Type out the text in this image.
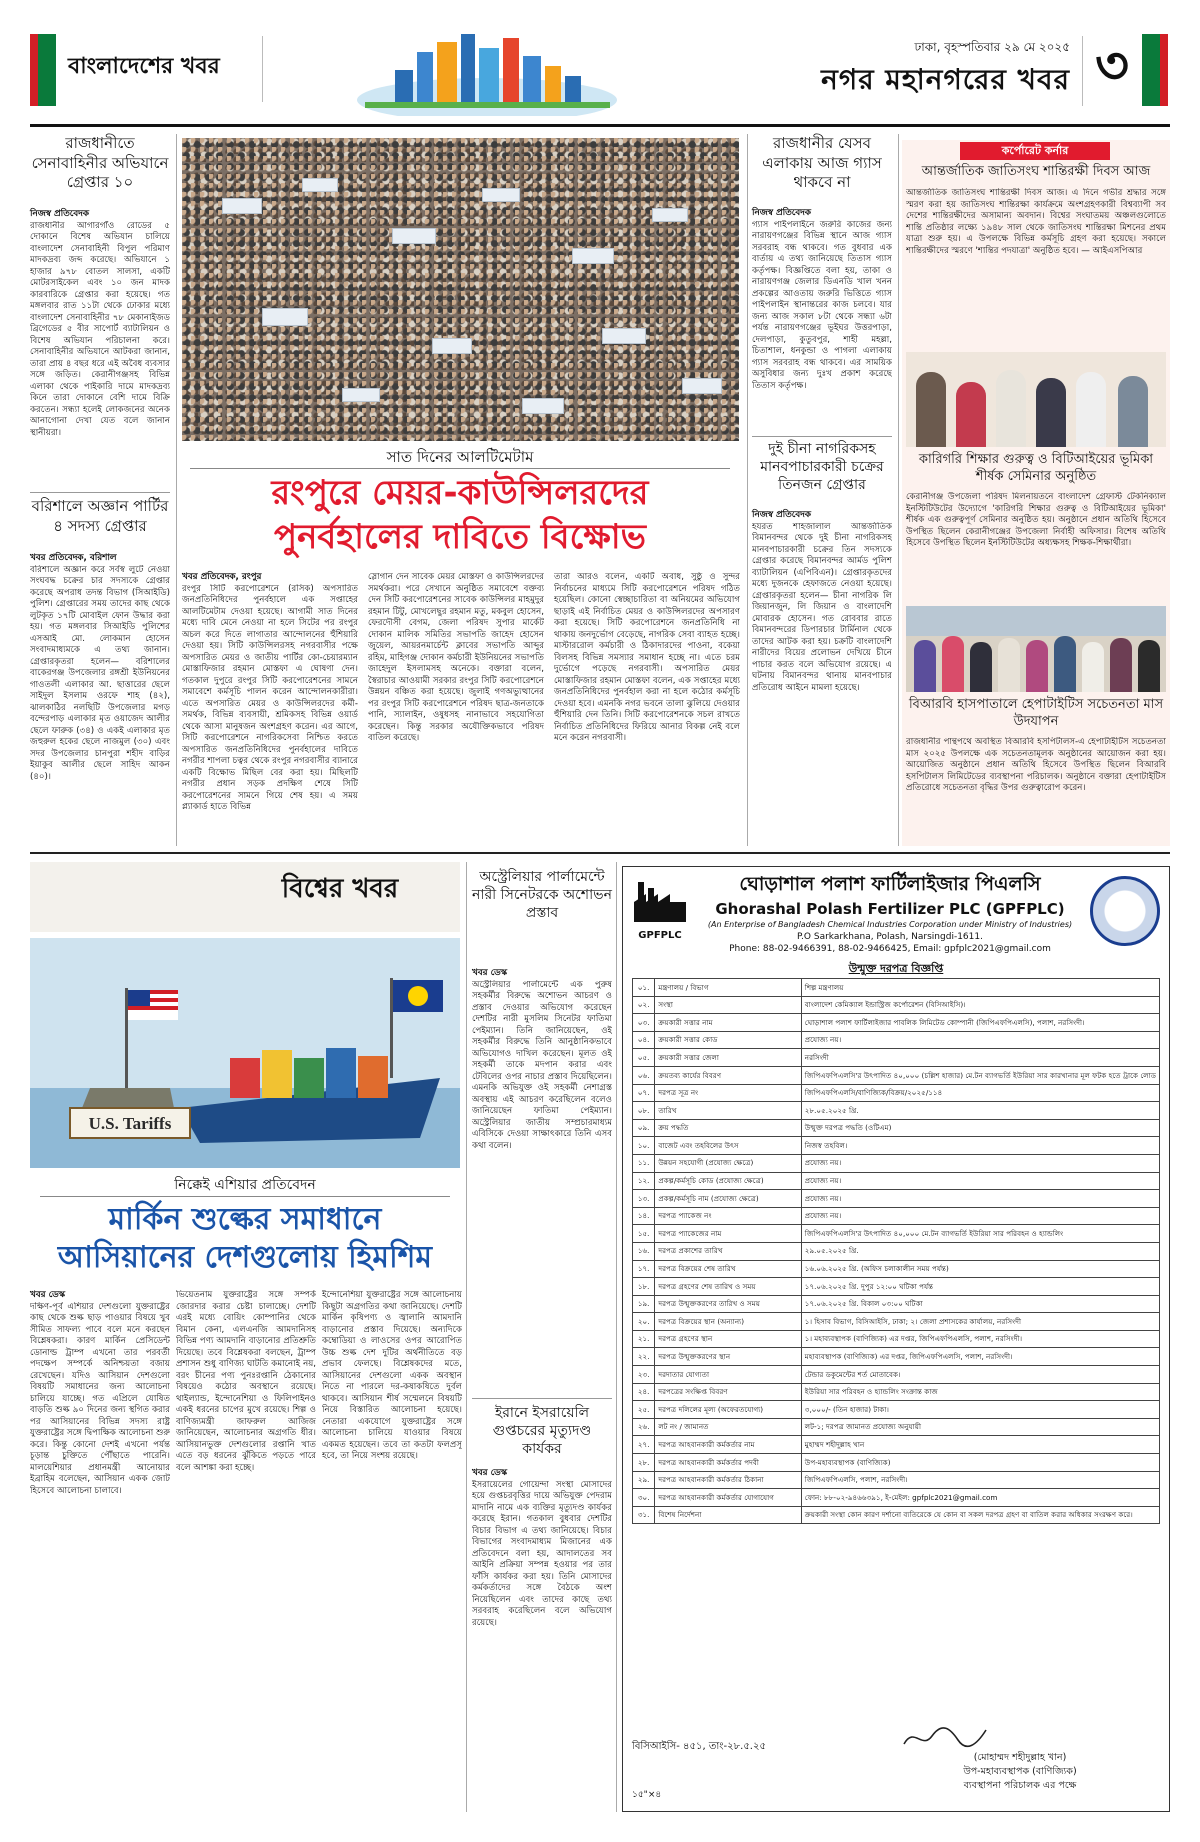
বাংলাদেশের খবর
ঢাকা, বৃহস্পতিবার ২৯ মে ২০২৫
নগর মহানগরের খবর ৩
রাজধানীতে সেনাবাহিনীর অভিযানে গ্রেপ্তার ১০
নিজস্ব প্রতিবেদক
রাজধানীর আগারগাঁও রোডের ৫ দোকানে বিশেষ অভিযান চালিয়ে বাংলাদেশ সেনাবাহিনী বিপুল পরিমাণ মাদকদ্রব্য জব্দ করেছে। অভিযানে ১ হাজার ৯৭৮ বোতল সালসা, একটি মোটরসাইকেল এবং ১০ জন মাদক কারবারিকে গ্রেপ্তার করা হয়েছে। গত মঙ্গলবার রাত ১১টা থেকে ঢোকার মধ্যে বাংলাদেশ সেনাবাহিনীর ৭৮ মেকানাইজড ব্রিগেডের ৫ বীর সাপোর্ট ব্যাটালিয়ন ও বিশেষ অভিযান পরিচালনা করে। সেনাবাহিনীর অভিযানে আটকরা জানান, তারা প্রায় ৪ বছর ধরে এই অবৈধ ব্যবসার সঙ্গে জড়িত। কেরানীগঞ্জসহ বিভিন্ন এলাকা থেকে পাইকারি দামে মাদকদ্রব্য কিনে তারা দোকানে বেশি দামে বিক্রি করতেন। সন্ধ্যা হলেই লোকজনের অনেক আনাগোনা দেখা যেত বলে জানান স্থানীয়রা।
বরিশালে অজ্ঞান পার্টির ৪ সদস্য গ্রেপ্তার
খবর প্রতিবেদক, বরিশাল
বরিশালে অজ্ঞান করে সর্বস্ব লুটে নেওয়া সংঘবদ্ধ চক্রের চার সদস্যকে গ্রেপ্তার করেছে অপরাধ তদন্ত বিভাগ (সিআইডি) পুলিশ। গ্রেপ্তারের সময় তাদের কাছ থেকে লুটকৃত ১৭টি মোবাইল ফোন উদ্ধার করা হয়। গত মঙ্গলবার সিআইডি পুলিশের এসআই মো. লোকমান হোসেন সংবাদমাধ্যমকে এ তথ্য জানান। গ্রেপ্তারকৃতরা হলেন— বরিশালের বাকেরগঞ্জ উপজেলার রঙ্গশ্রী ইউনিয়নের গাওতলী এলাকার আ. ছাত্তারের ছেলে সাইদুল ইসলাম ওরফে শাহ (৪২), ঝালকাঠির নলছিটি উপজেলার মগড় বন্দেরপাড় এলাকার মৃত ওয়াজেদ আলীর ছেলে ফারুক (৩৪) ও একই এলাকার মৃত জহুরুল হকের ছেলে নাজমুল (৩০) এবং সদর উপজেলার চানপুরা শহীদ বাড়ির ইয়াকুব আলীর ছেলে সাহিদ আকন (৪০)।
সাত দিনের আলটিমেটাম
রংপুরে মেয়র-কাউন্সিলরদের
পুনর্বহালের দাবিতে বিক্ষোভ
খবর প্রতিবেদক, রংপুর
রংপুর সিটি করপোরেশনে (রসিক) অপসারিত জনপ্রতিনিধিদের পুনর্বহালে এক সপ্তাহের আলটিমেটাম দেওয়া হয়েছে। আগামী সাত দিনের মধ্যে দাবি মেনে নেওয়া না হলে সিটের পর রংপুর অচল করে দিতে লাগাতার আন্দোলনের হুঁশিয়ারি দেওয়া হয়। সিটি কাউন্সিলরসহ নগরবাসীর পক্ষে অপসারিত মেয়র ও জাতীয় পার্টির কো-চেয়ারম্যান মোস্তাফিজার রহমান মোস্তফা এ ঘোষণা দেন। গতকাল দুপুরে রংপুর সিটি করপোরেশনের সামনে সমাবেশে কর্মসূচি পালন করেন আন্দোলনকারীরা। এতে অপসারিত মেয়র ও কাউন্সিলরদের কর্মী-সমর্থক, বিভিন্ন ব্যবসায়ী, শ্রমিকসহ বিভিন্ন ওয়ার্ড থেকে আসা মানুষজন অংশগ্রহণ করেন। এর আগে, সিটি করপোরেশনে নাগরিকসেবা নিশ্চিত করতে অপসারিত জনপ্রতিনিধিদের পুনর্বহালের দাবিতে নগরীর শাপলা চত্বর থেকে রংপুর নগরবাসীর ব্যানারে একটি বিক্ষোভ মিছিল বের করা হয়। মিছিলটি নগরীর প্রধান সড়ক প্রদক্ষিণ শেষে সিটি করপোরেশনের সামনে গিয়ে শেষ হয়। এ সময় প্ল্যাকার্ড হাতে বিভিন্ন
স্লোগান দেন সাবেক মেয়র মোস্তফা ও কাউন্সিলরদের সমর্থকরা। পরে সেখানে অনুষ্ঠিত সমাবেশে বক্তব্য দেন সিটি করপোরেশনের সাবেক কাউন্সিলর মাহমুদুর রহমান টিটু, মোখলেছুর রহমান মতু, মকবুল হোসেন, ফেরদৌসী বেগম, জেলা পরিষদ সুপার মার্কেট দোকান মালিক সমিতির সভাপতি জাহেদ হোসেন জুয়েল, আয়রনমার্চেন্ট ক্লাবের সভাপতি আব্দুর রহিম, মাহিগঞ্জ দোকান কর্মচারী ইউনিয়নের সভাপতি জাহেদুল ইসলামসহ অনেকে। বক্তারা বলেন, স্বৈরাচার আওয়ামী সরকার রংপুর সিটি করপোরেশনে উন্নয়ন বঞ্চিত করা হয়েছে। জুলাই গণঅভ্যুত্থানের পর রংপুর সিটি করপোরেশনে পরিষদ ছাত্র-জনতাকে পানি, স্যালাইন, ওষুধসহ নানাভাবে সহযোগিতা করেছেন। কিন্তু সরকার অযৌক্তিকভাবে পরিষদ বাতিল করেছে।
তারা আরও বলেন, একটি অবাধ, সুষ্ঠু ও সুন্দর নির্বাচনের মাধ্যমে সিটি করপোরেশনে পরিষদ গঠিত হয়েছিল। কোনো স্বেচ্ছাচারিতা বা অনিয়মের অভিযোগ ছাড়াই এই নির্বাচিত মেয়র ও কাউন্সিলরদের অপসারণ করা হয়েছে। সিটি করপোরেশনে জনপ্রতিনিধি না থাকায় জনদুর্ভোগ বেড়েছে, নাগরিক সেবা ব্যাহত হচ্ছে। মাস্টাররোল কর্মচারী ও ঠিকাদারদের পাওনা, বকেয়া বিলসহ বিভিন্ন সমস্যার সমাধান হচ্ছে না। এতে চরম দুর্ভোগে পড়েছে নগরবাসী। অপসারিত মেয়র মোস্তাফিজার রহমান মোস্তফা বলেন, এক সপ্তাহের মধ্যে জনপ্রতিনিধিদের পুনর্বহাল করা না হলে কঠোর কর্মসূচি দেওয়া হবে। এমনকি নগর ভবনে তালা ঝুলিয়ে দেওয়ার হুঁশিয়ারি দেন তিনি। সিটি করপোরেশনকে সচল রাখতে নির্বাচিত প্রতিনিধিদের ফিরিয়ে আনার বিকল্প নেই বলে মনে করেন নগরবাসী।
রাজধানীর যেসব এলাকায় আজ গ্যাস থাকবে না
নিজস্ব প্রতিবেদক
গ্যাস পাইপলাইনে জরুরি কাজের জন্য নারায়ণগঞ্জের বিভিন্ন স্থানে আজ গ্যাস সরবরাহ বন্ধ থাকবে। গত বুধবার এক বার্তায় এ তথ্য জানিয়েছে তিতাস গ্যাস কর্তৃপক্ষ। বিজ্ঞপ্তিতে বলা হয়, তাকা ও নারায়ণগঞ্জ জেলার ডিএনডি খাল খনন প্রকল্পের আওতায় জরুরি ভিত্তিতে গ্যাস পাইপলাইন স্থানান্তরের কাজ চলবে। যার জন্য আজ সকাল ৮টা থেকে সন্ধ্যা ৬টা পর্যন্ত নারায়ণগঞ্জের ভূইঘর উত্তরপাড়া, দেলপাড়া, কুতুবপুর, শাহী মহল্লা, চিতাশাল, ধনকুন্ডা ও পাগলা এলাকায় গ্যাস সরবরাহ বন্ধ থাকবে। এর সাময়িক অসুবিধার জন্য দুঃখ প্রকাশ করেছে তিতাস কর্তৃপক্ষ।
দুই চীনা নাগরিকসহ মানবপাচারকারী চক্রের তিনজন গ্রেপ্তার
নিজস্ব প্রতিবেদক
হযরত শাহজালাল আন্তর্জাতিক বিমানবন্দর থেকে দুই চীনা নাগরিকসহ মানবপাচারকারী চক্রের তিন সদস্যকে গ্রেপ্তার করেছে বিমানবন্দর আর্মড পুলিশ ব্যাটালিয়ন (এপিবিএন)। গ্রেপ্তারকৃতদের মধ্যে দুজনকে হেফাজতে নেওয়া হয়েছে। গ্রেপ্তারকৃতরা হলেন— চীনা নাগরিক লি জিয়ানজুন, লি জিয়ান ও বাংলাদেশি মোবারক হোসেন। গত রোববার রাতে বিমানবন্দরের ডিপারচার টার্মিনাল থেকে তাদের আটক করা হয়। চক্রটি বাংলাদেশি নারীদের বিয়ের প্রলোভন দেখিয়ে চীনে পাচার করত বলে অভিযোগ রয়েছে। এ ঘটনায় বিমানবন্দর থানায় মানবপাচার প্রতিরোধ আইনে মামলা হয়েছে।
কর্পোরেট কর্নার
আন্তর্জাতিক জাতিসংঘ শান্তিরক্ষী দিবস আজ
আন্তর্জাতিক জাতিসংঘ শান্তিরক্ষী দিবস আজ। এ দিনে গভীর শ্রদ্ধার সঙ্গে স্মরণ করা হয় জাতিসংঘ শান্তিরক্ষা কার্যক্রমে অংশগ্রহণকারী বিশ্বব্যাপী সব দেশের শান্তিরক্ষীদের অসামান্য অবদান। বিশ্বের সংঘাতময় অঞ্চলগুলোতে শান্তি প্রতিষ্ঠার লক্ষ্যে ১৯৪৮ সাল থেকে জাতিসংঘ শান্তিরক্ষা মিশনের প্রথম যাত্রা শুরু হয়। এ উপলক্ষে বিভিন্ন কর্মসূচি গ্রহণ করা হয়েছে। সকালে শান্তিরক্ষীদের স্মরণে 'শান্তির পদযাত্রা' অনুষ্ঠিত হবে। — আইএসপিআর
কারিগরি শিক্ষার গুরুত্ব ও বিটিআইয়ের ভূমিকা শীর্ষক সেমিনার অনুষ্ঠিত
কেরানীগঞ্জ উপজেলা পরিষদ মিলনায়তনে বাংলাদেশ গ্রেফাস্ট টেকনিক্যাল ইনস্টিটিউটের উদ্যোগে 'কারিগরি শিক্ষার গুরুত্ব ও বিটিআইয়ের ভূমিকা' শীর্ষক এক গুরুত্বপূর্ণ সেমিনার অনুষ্ঠিত হয়। অনুষ্ঠানে প্রধান অতিথি হিসেবে উপস্থিত ছিলেন কেরানীগঞ্জের উপজেলা নির্বাহী অফিসার। বিশেষ অতিথি হিসেবে উপস্থিত ছিলেন ইনস্টিটিউটের অধ্যক্ষসহ শিক্ষক-শিক্ষার্থীরা।
বিআরবি হাসপাতালে হেপাটাইটিস সচেতনতা মাস উদযাপন
রাজধানীর পান্থপথে অবস্থিত বিআরবি হসপিটালস-এ হেপাটাইটিস সচেতনতা মাস ২০২৫ উপলক্ষে এক সচেতনতামূলক অনুষ্ঠানের আয়োজন করা হয়। আয়োজিত অনুষ্ঠানে প্রধান অতিথি হিসেবে উপস্থিত ছিলেন বিআরবি হসপিটালস লিমিটেডের ব্যবস্থাপনা পরিচালক। অনুষ্ঠানে বক্তারা হেপাটাইটিস প্রতিরোধে সচেতনতা বৃদ্ধির উপর গুরুত্বারোপ করেন।
বিশ্বের খবর
U.S. Tariffs
নিক্কেই এশিয়ার প্রতিবেদন
মার্কিন শুল্কের সমাধানে
আসিয়ানের দেশগুলোয় হিমশিম
খবর ডেস্ক
দক্ষিণ-পূর্ব এশিয়ার দেশগুলো যুক্তরাষ্ট্রের কাছ থেকে শুল্ক ছাড় পাওয়ার বিষয়ে খুব সীমিত সাফল্য পাবে বলে মনে করছেন বিশ্লেষকরা। কারণ মার্কিন প্রেসিডেন্ট ডোনাল্ড ট্রাম্প এখনো তার পরবর্তী পদক্ষেপ সম্পর্কে অনিশ্চয়তা বজায় রেখেছেন। যদিও আসিয়ান দেশগুলো বিষয়টি সমাধানের জন্য আলোচনা চালিয়ে যাচ্ছে। গত এপ্রিলে যোষিত বাড়তি শুল্ক ৯০ দিনের জন্য স্থগিত করার পর আসিয়ানের বিভিন্ন সদস্য রাষ্ট্র যুক্তরাষ্ট্রের সঙ্গে দ্বিপাক্ষিক আলোচনা শুরু করে। কিন্তু কোনো দেশই এখনো পর্যন্ত চূড়ান্ত চুক্তিতে পৌঁছাতে পারেনি। মালয়েশিয়ার প্রধানমন্ত্রী আনোয়ার ইব্রাহিম বলেছেন, আসিয়ান একক জোট হিসেবে আলোচনা চালাবে।
ভিয়েতনাম যুক্তরাষ্ট্রের সঙ্গে সম্পর্ক জোরদার করার চেষ্টা চালাচ্ছে। দেশটি এরই মধ্যে বোয়িং কোম্পানির থেকে বিমান কেনা, এলএনজি আমদানিসহ বিভিন্ন পণ্য আমদানি বাড়ানোর প্রতিশ্রুতি দিয়েছে। তবে বিশ্লেষকরা বলছেন, ট্রাম্প প্রশাসন শুধু বাণিজ্য ঘাটতি কমানোই নয়, বরং চীনের পণ্য পুনঃরপ্তানি ঠেকানোর বিষয়েও কঠোর অবস্থানে রয়েছে। থাইল্যান্ড, ইন্দোনেশিয়া ও ফিলিপাইনও একই ধরনের চাপের মুখে রয়েছে। শিল্প ও বাণিজ্যমন্ত্রী জাফরুল আজিজ জানিয়েছেন, আলোচনার অগ্রগতি ধীর। আসিয়ানভুক্ত দেশগুলোর রপ্তানি খাত এতে বড় ধরনের ঝুঁকিতে পড়তে পারে বলে আশঙ্কা করা হচ্ছে।
ইন্দোনেশিয়া যুক্তরাষ্ট্রের সঙ্গে আলোচনায় কিছুটা অগ্রগতির কথা জানিয়েছে। দেশটি মার্কিন কৃষিপণ্য ও জ্বালানি আমদানি বাড়ানোর প্রস্তাব দিয়েছে। অন্যদিকে কম্বোডিয়া ও লাওসের ওপর আরোপিত উচ্চ শুল্ক দেশ দুটির অর্থনীতিতে বড় প্রভাব ফেলছে। বিশ্লেষকদের মতে, আসিয়ানের দেশগুলো একক অবস্থান নিতে না পারলে দর-কষাকষিতে দুর্বল থাকবে। আসিয়ান শীর্ষ সম্মেলনে বিষয়টি নিয়ে বিস্তারিত আলোচনা হয়েছে। নেতারা একযোগে যুক্তরাষ্ট্রের সঙ্গে আলোচনা চালিয়ে যাওয়ার বিষয়ে একমত হয়েছেন। তবে তা কতটা ফলপ্রসূ হবে, তা নিয়ে সংশয় রয়েছে।
অস্ট্রেলিয়ার পার্লামেন্টে নারী সিনেটরকে অশোভন প্রস্তাব
খবর ডেস্ক
অস্ট্রেলিয়ার পার্লামেন্টে এক পুরুষ সহকর্মীর বিরুদ্ধে অশোভন আচরণ ও প্রস্তাব দেওয়ার অভিযোগ করেছেন দেশটির নারী মুসলিম সিনেটর ফাতিমা পেইম্যান। তিনি জানিয়েছেন, ওই সহকর্মীর বিরুদ্ধে তিনি আনুষ্ঠানিকভাবে অভিযোগও দাখিল করেছেন। মূলত ওই সহকর্মী তাকে মদপান করার এবং টেবিলের ওপর নাচার প্রস্তাব দিয়েছিলেন। এমনকি অভিযুক্ত ওই সহকর্মী নেশাগ্রস্ত অবস্থায় এই আচরণ করেছিলেন বলেও জানিয়েছেন ফাতিমা পেইম্যান। অস্ট্রেলিয়ার জাতীয় সম্প্রচারমাধ্যম এবিসিকে দেওয়া সাক্ষাৎকারে তিনি এসব কথা বলেন।
ইরানে ইসরায়েলি গুপ্তচরের মৃত্যুদণ্ড কার্যকর
খবর ডেস্ক
ইসরায়েলের গোয়েন্দা সংস্থা মোসাদের হয়ে গুপ্তচরবৃত্তির দায়ে অভিযুক্ত পেদরাম মাদানি নামে এক ব্যক্তির মৃত্যুদণ্ড কার্যকর করেছে ইরান। গতকাল বুধবার দেশটির বিচার বিভাগ এ তথ্য জানিয়েছে। বিচার বিভাগের সংবাদমাধ্যম মিজানের এক প্রতিবেদনে বলা হয়, আদালতের সব আইনি প্রক্রিয়া সম্পন্ন হওয়ার পর তার ফাঁসি কার্যকর করা হয়। তিনি মোসাদের কর্মকর্তাদের সঙ্গে বৈঠকে অংশ নিয়েছিলেন এবং তাদের কাছে তথ্য সরবরাহ করেছিলেন বলে অভিযোগ রয়েছে।
GPFPLC
ঘোড়াশাল পলাশ ফার্টিলাইজার পিএলসি
Ghorashal Polash Fertilizer PLC (GPFPLC)
(An Enterprise of Bangladesh Chemical Industries Corporation under Ministry of Industries)
P.O Sarkarkhana, Polash, Narsingdi-1611.
Phone: 88-02-9466391, 88-02-9466425, Email: gpfplc2021@gmail.com
উন্মুক্ত দরপত্র বিজ্ঞপ্তি
০১.	মন্ত্রণালয় / বিভাগ	শিল্প মন্ত্রণালয়
০২.	সংস্থা	বাংলাদেশ কেমিক্যাল ইন্ডাস্ট্রিজ কর্পোরেশন (বিসিআইসি)।
০৩.	ক্রয়কারী সত্তার নাম	ঘোড়াশাল পলাশ ফার্টিলাইজার পাবলিক লিমিটেড কোম্পানী (জিপিএফপিএলসি), পলাশ, নরসিংদী।
০৪.	ক্রয়কারী সত্তার কোড	প্রযোজ্য নয়।
০৫.	ক্রয়কারী সত্তার জেলা	নরসিংদী
০৬.	ক্রয়তব্য কার্যের বিবরণ	জিপিএফপিএলসি'র উৎপাদিত ৪০,০০০ (চল্লিশ হাজার) মে.টন ব্যাগভর্তি ইউরিয়া সার কারখানার মূল ফটক হতে ট্রাকে লোড
০৭.	দরপত্র সূত্র নং	জিপিএফপিএলসি/বাণিজ্যিক/বিক্রয়/২০২৫/১১৪
০৮.	তারিখ	২৮.০৫.২০২৫ খ্রি.
০৯.	ক্রয় পদ্ধতি	উন্মুক্ত দরপত্র পদ্ধতি (ওটিএম)
১০.	বাজেট এবং তহবিলের উৎস	নিজস্ব তহবিল।
১১.	উন্নয়ন সহযোগী (প্রযোজ্য ক্ষেত্রে)	প্রযোজ্য নয়।
১২.	প্রকল্প/কর্মসূচি কোড (প্রযোজ্য ক্ষেত্রে)	প্রযোজ্য নয়।
১৩.	প্রকল্প/কর্মসূচি নাম (প্রযোজ্য ক্ষেত্রে)	প্রযোজ্য নয়।
১৪.	দরপত্র প্যাকেজ নং	প্রযোজ্য নয়।
১৫.	দরপত্র প্যাকেজের নাম	জিপিএফপিএলসি'র উৎপাদিত ৪০,০০০ মে.টন ব্যাগভর্তি ইউরিয়া সার পরিবহন ও হ্যান্ডলিং
১৬.	দরপত্র প্রকাশের তারিখ	২৯.০৫.২০২৫ খ্রি.
১৭.	দরপত্র বিক্রয়ের শেষ তারিখ	১৬.০৬.২০২৫ খ্রি. (অফিস চলাকালীন সময় পর্যন্ত)
১৮.	দরপত্র গ্রহণের শেষ তারিখ ও সময়	১৭.০৬.২০২৫ খ্রি. দুপুর ১২:০০ ঘটিকা পর্যন্ত
১৯.	দরপত্র উন্মুক্তকরণের তারিখ ও সময়	১৭.০৬.২০২৫ খ্রি. বিকাল ০৩:০০ ঘটিকা
২০.	দরপত্র বিক্রয়ের স্থান (অন্যান্য)	১। হিসাব বিভাগ, বিসিআইসি, ঢাকা; ২। জেলা প্রশাসকের কার্যালয়, নরসিংদী
২১.	দরপত্র গ্রহণের স্থান	১। মহাব্যবস্থাপক (বাণিজ্যিক) এর দপ্তর, জিপিএফপিএলসি, পলাশ, নরসিংদী।
২২.	দরপত্র উন্মুক্তকরণের স্থান	মহাব্যবস্থাপক (বাণিজ্যিক) এর দপ্তর, জিপিএফপিএলসি, পলাশ, নরসিংদী।
২৩.	দরদাতার যোগ্যতা	টেন্ডার ডকুমেন্টের শর্ত মোতাবেক।
২৪.	দরপত্রের সংক্ষিপ্ত বিবরণ	ইউরিয়া সার পরিবহন ও হ্যান্ডলিং সংক্রান্ত কাজ
২৫.	দরপত্র দলিলের মূল্য (অফেরতযোগ্য)	৩,০০০/- (তিন হাজার) টাকা।
২৬.	লট নং / জামানত	লট-১; দরপত্র জামানত প্রযোজ্য অনুযায়ী
২৭.	দরপত্র আহবানকারী কর্মকর্তার নাম	মুহাম্মদ শহীদুল্লাহ খান
২৮.	দরপত্র আহবানকারী কর্মকর্তার পদবী	উপ-মহাব্যবস্থাপক (বাণিজ্যিক)
২৯.	দরপত্র আহবানকারী কর্মকর্তার ঠিকানা	জিপিএফপিএলসি, পলাশ, নরসিংদী।
৩০.	দরপত্র আহবানকারী কর্মকর্তার যোগাযোগ	ফোন: ৮৮-০২-৯৪৬৬৩৯১, ই-মেইল: gpfplc2021@gmail.com
৩১.	বিশেষ নির্দেশনা	ক্রয়কারী সংস্থা কোন কারণ দর্শানো ব্যতিরেকে যে কোন বা সকল দরপত্র গ্রহণ বা বাতিল করার অধিকার সংরক্ষণ করে।
বিসিআইসি- ৪৫১, তাং-২৮.৫.২৫
(মোহাম্মদ শহীদুল্লাহ খান)
উপ-মহাব্যবস্থাপক (বাণিজ্যিক)
ব্যবস্থাপনা পরিচালক এর পক্ষে
১৫"×৪
